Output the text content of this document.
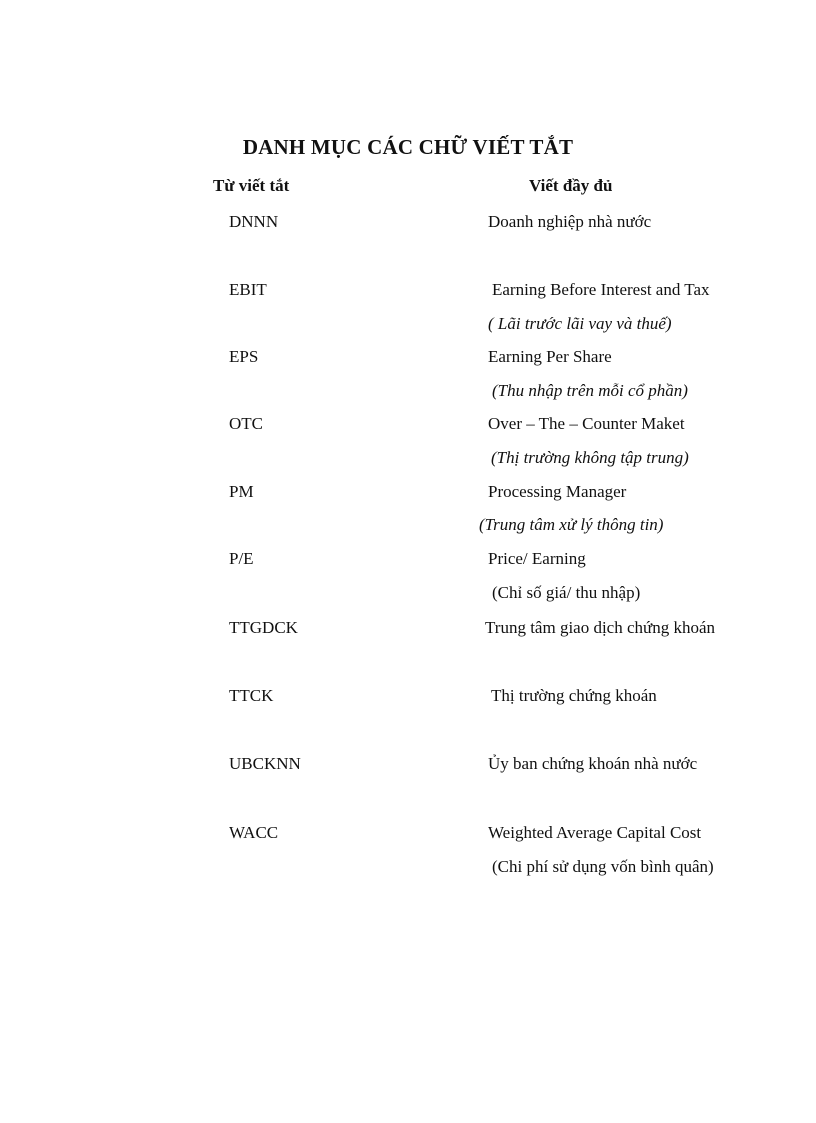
DANH MỤC CÁC CHỮ VIẾT TẮT
Từ viết tắt	Viết đầy đủ
DNNN	Doanh nghiệp nhà nước
EBIT	Earning Before Interest and Tax
( Lãi trước lãi vay và thuế)
EPS	Earning Per Share
(Thu nhập trên mỗi cổ phần)
OTC	Over – The – Counter Maket
(Thị trường không tập trung)
PM	Processing Manager
(Trung tâm xử lý thông tin)
P/E	Price/ Earning
(Chỉ số giá/ thu nhập)
TTGDCK	Trung tâm giao dịch chứng khoán
TTCK	Thị trường chứng khoán
UBCKNN	Ủy ban chứng khoán nhà nước
WACC	Weighted Average Capital Cost
(Chi phí sử dụng vốn bình quân)
